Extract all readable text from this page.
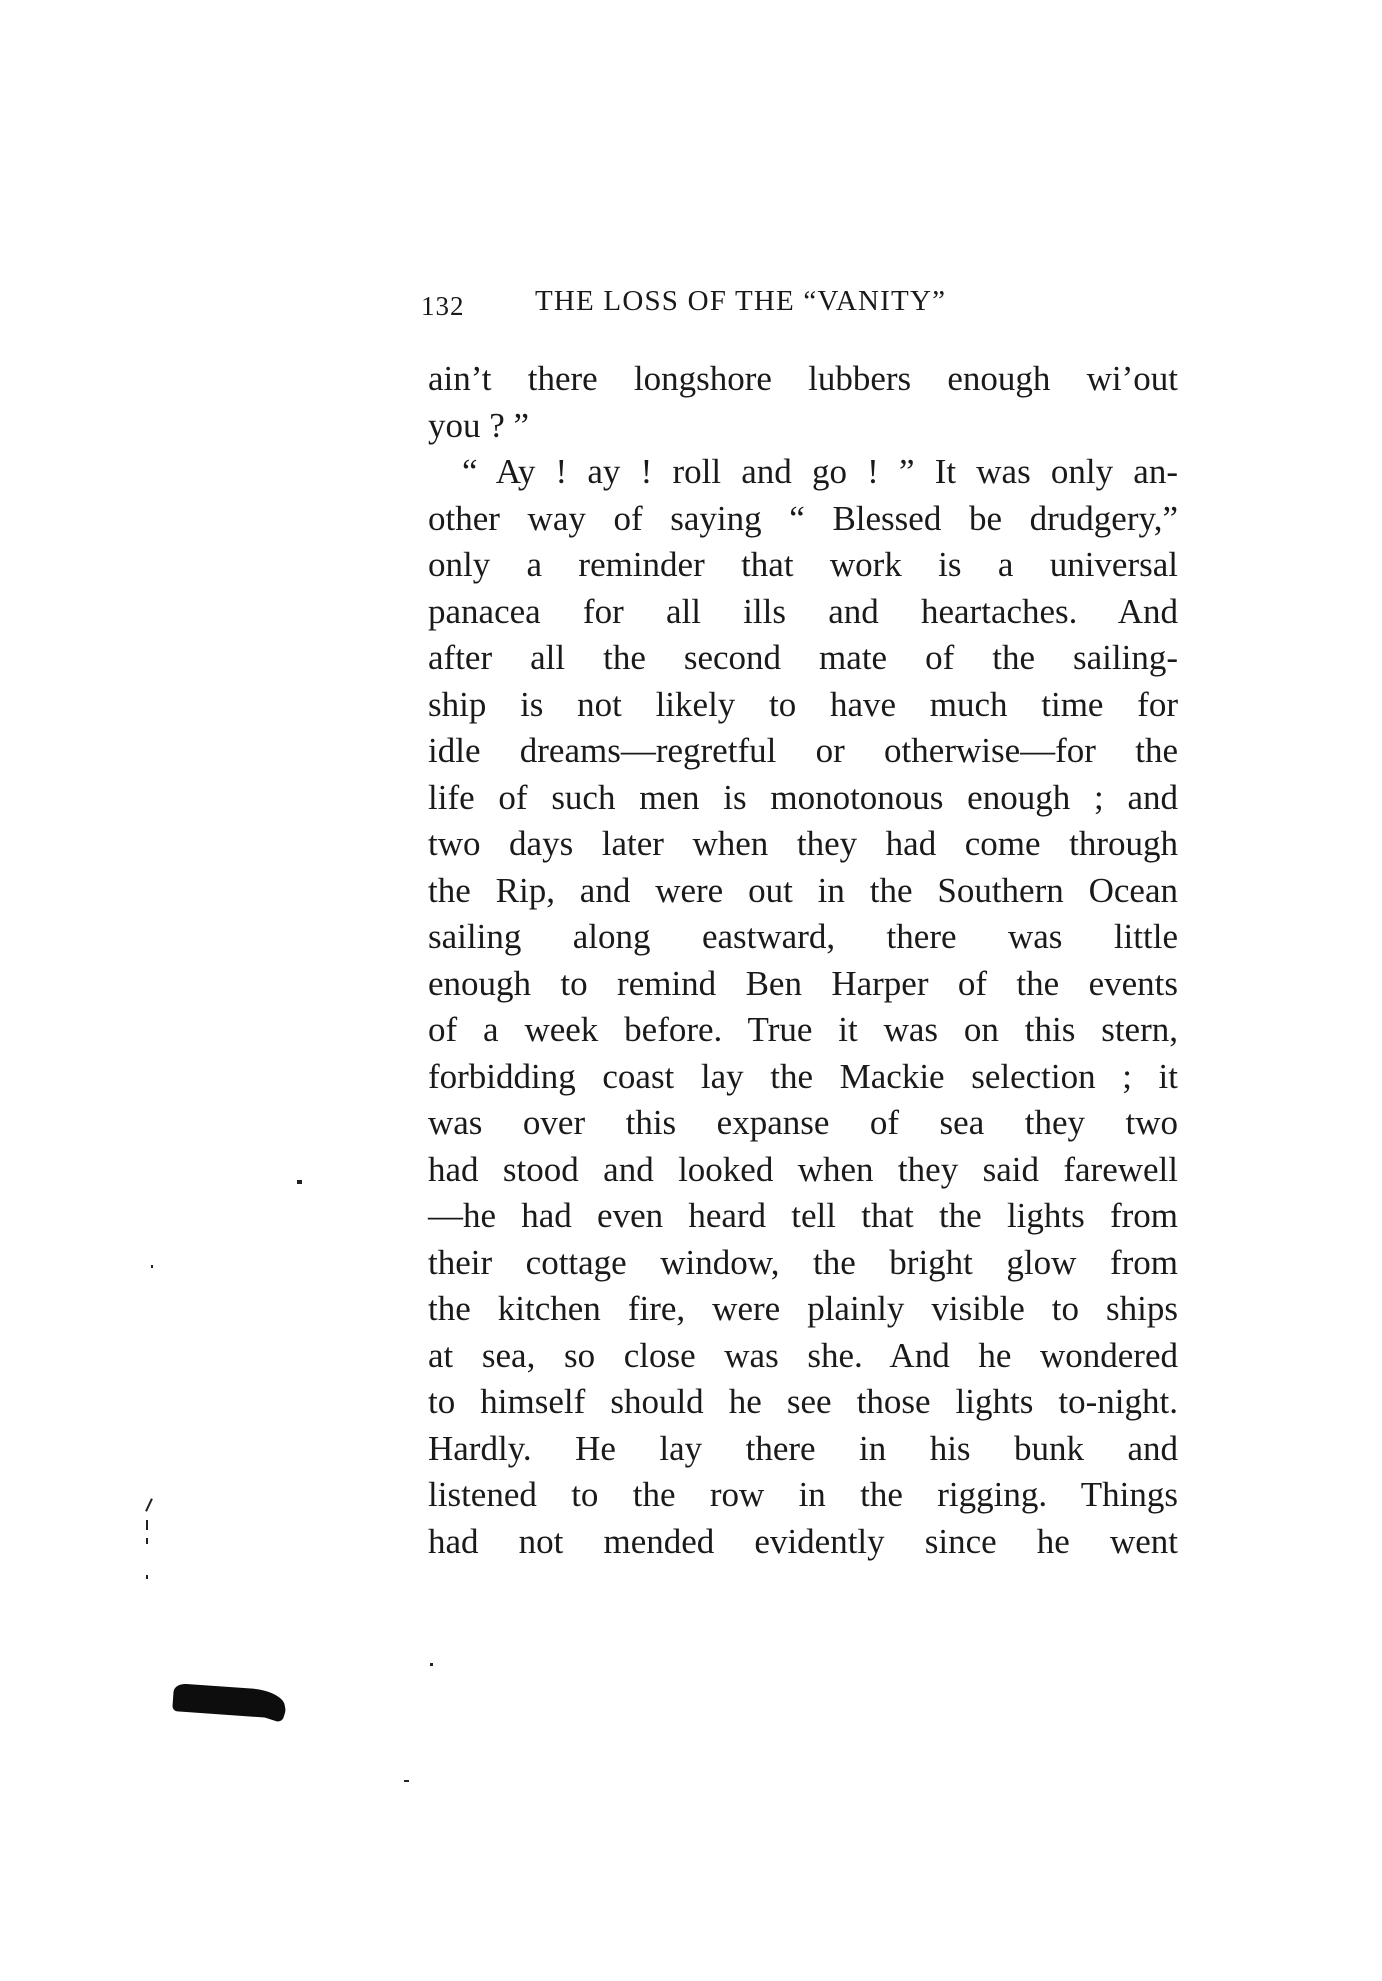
132 THE LOSS OF THE “VANITY”
ain’t there longshore lubbers enough wi’out
you ? ”
“ Ay ! ay ! roll and go ! ” It was only an-
other way of saying “ Blessed be drudgery,”
only a reminder that work is a universal
panacea for all ills and heartaches. And
after all the second mate of the sailing-
ship is not likely to have much time for
idle dreams—regretful or otherwise—for the
life of such men is monotonous enough ; and
two days later when they had come through
the Rip, and were out in the Southern Ocean
sailing along eastward, there was little
enough to remind Ben Harper of the events
of a week before. True it was on this stern,
forbidding coast lay the Mackie selection ; it
was over this expanse of sea they two
had stood and looked when they said farewell
—he had even heard tell that the lights from
their cottage window, the bright glow from
the kitchen fire, were plainly visible to ships
at sea, so close was she. And he wondered
to himself should he see those lights to-night.
Hardly. He lay there in his bunk and
listened to the row in the rigging. Things
had not mended evidently since he went
